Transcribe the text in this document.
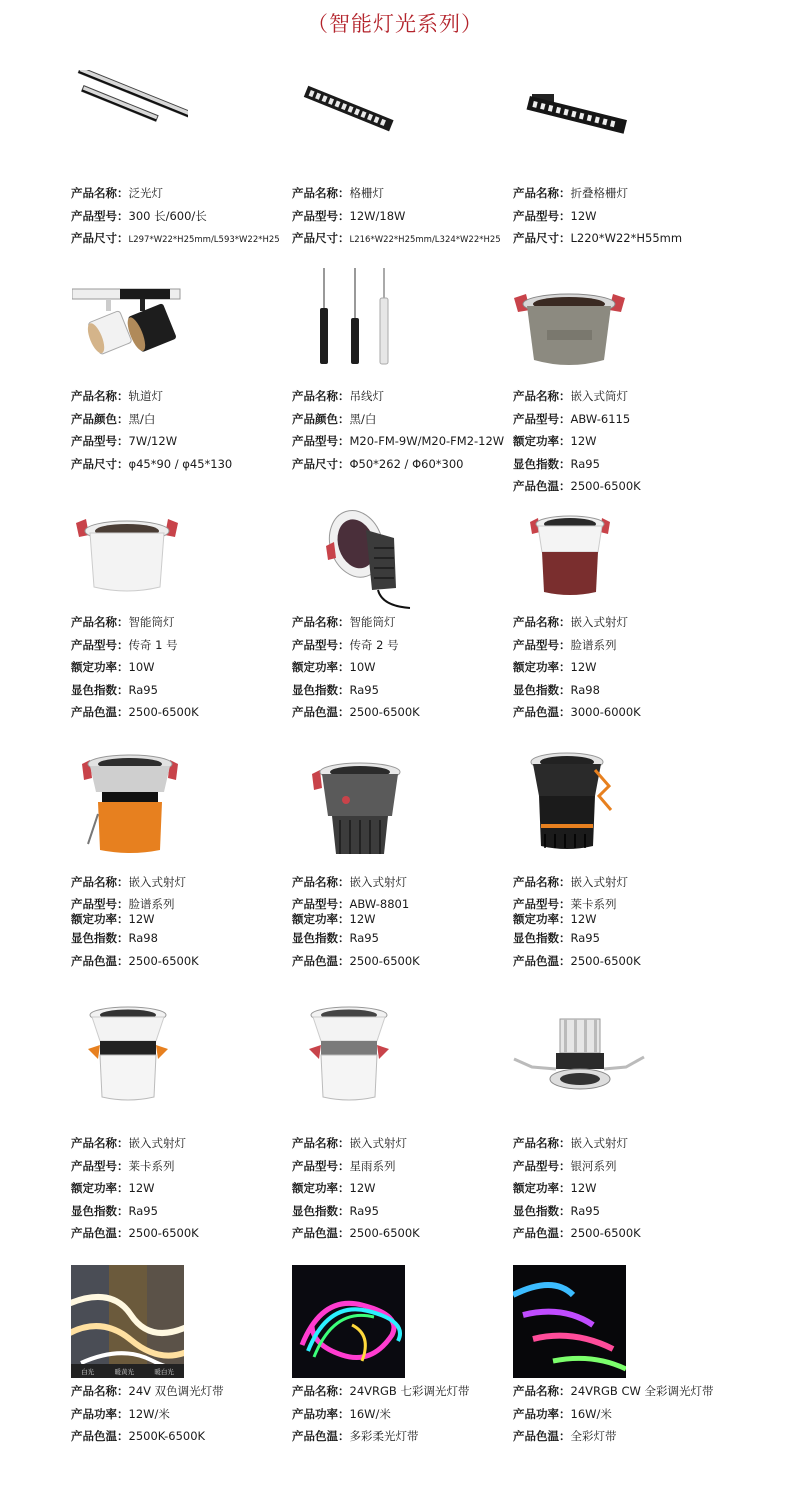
（智能灯光系列）
产品名称：泛光灯
产品型号：300 长/600/长
产品尺寸：L297*W22*H25mm/L593*W22*H25
产品名称：格栅灯
产品型号：12W/18W
产品尺寸：L216*W22*H25mm/L324*W22*H25
产品名称：折叠格栅灯
产品型号：12W
产品尺寸：L220*W22*H55mm
产品名称：轨道灯
产品颜色：黑/白
产品型号：7W/12W
产品尺寸：φ45*90 / φ45*130
产品名称：吊线灯
产品颜色：黑/白
产品型号：M20-FM-9W/M20-FM2-12W
产品尺寸：Φ50*262 / Φ60*300
产品名称：嵌入式筒灯
产品型号：ABW-6115
额定功率：12W
显色指数：Ra95
产品色温：2500-6500K
产品名称：智能筒灯
产品型号：传奇 1 号
额定功率：10W
显色指数：Ra95
产品色温：2500-6500K
产品名称：智能筒灯
产品型号：传奇 2 号
额定功率：10W
显色指数：Ra95
产品色温：2500-6500K
产品名称：嵌入式射灯
产品型号：脸谱系列
额定功率：12W
显色指数：Ra98
产品色温：3000-6000K
产品名称：嵌入式射灯
产品型号：脸谱系列
额定功率：12W
显色指数：Ra98
产品色温：2500-6500K
产品名称：嵌入式射灯
产品型号：ABW-8801
额定功率：12W
显色指数：Ra95
产品色温：2500-6500K
产品名称：嵌入式射灯
产品型号：莱卡系列
额定功率：12W
显色指数：Ra95
产品色温：2500-6500K
产品名称：嵌入式射灯
产品型号：莱卡系列
额定功率：12W
显色指数：Ra95
产品色温：2500-6500K
产品名称：嵌入式射灯
产品型号：星雨系列
额定功率：12W
显色指数：Ra95
产品色温：2500-6500K
产品名称：嵌入式射灯
产品型号：银河系列
额定功率：12W
显色指数：Ra95
产品色温：2500-6500K
白光	暖黄光	暖白光
产品名称：24V 双色调光灯带
产品功率：12W/米
产品色温：2500K-6500K
产品名称：24VRGB 七彩调光灯带
产品功率：16W/米
产品色温：多彩柔光灯带
产品名称：24VRGB CW 全彩调光灯带
产品功率：16W/米
产品色温：全彩灯带
